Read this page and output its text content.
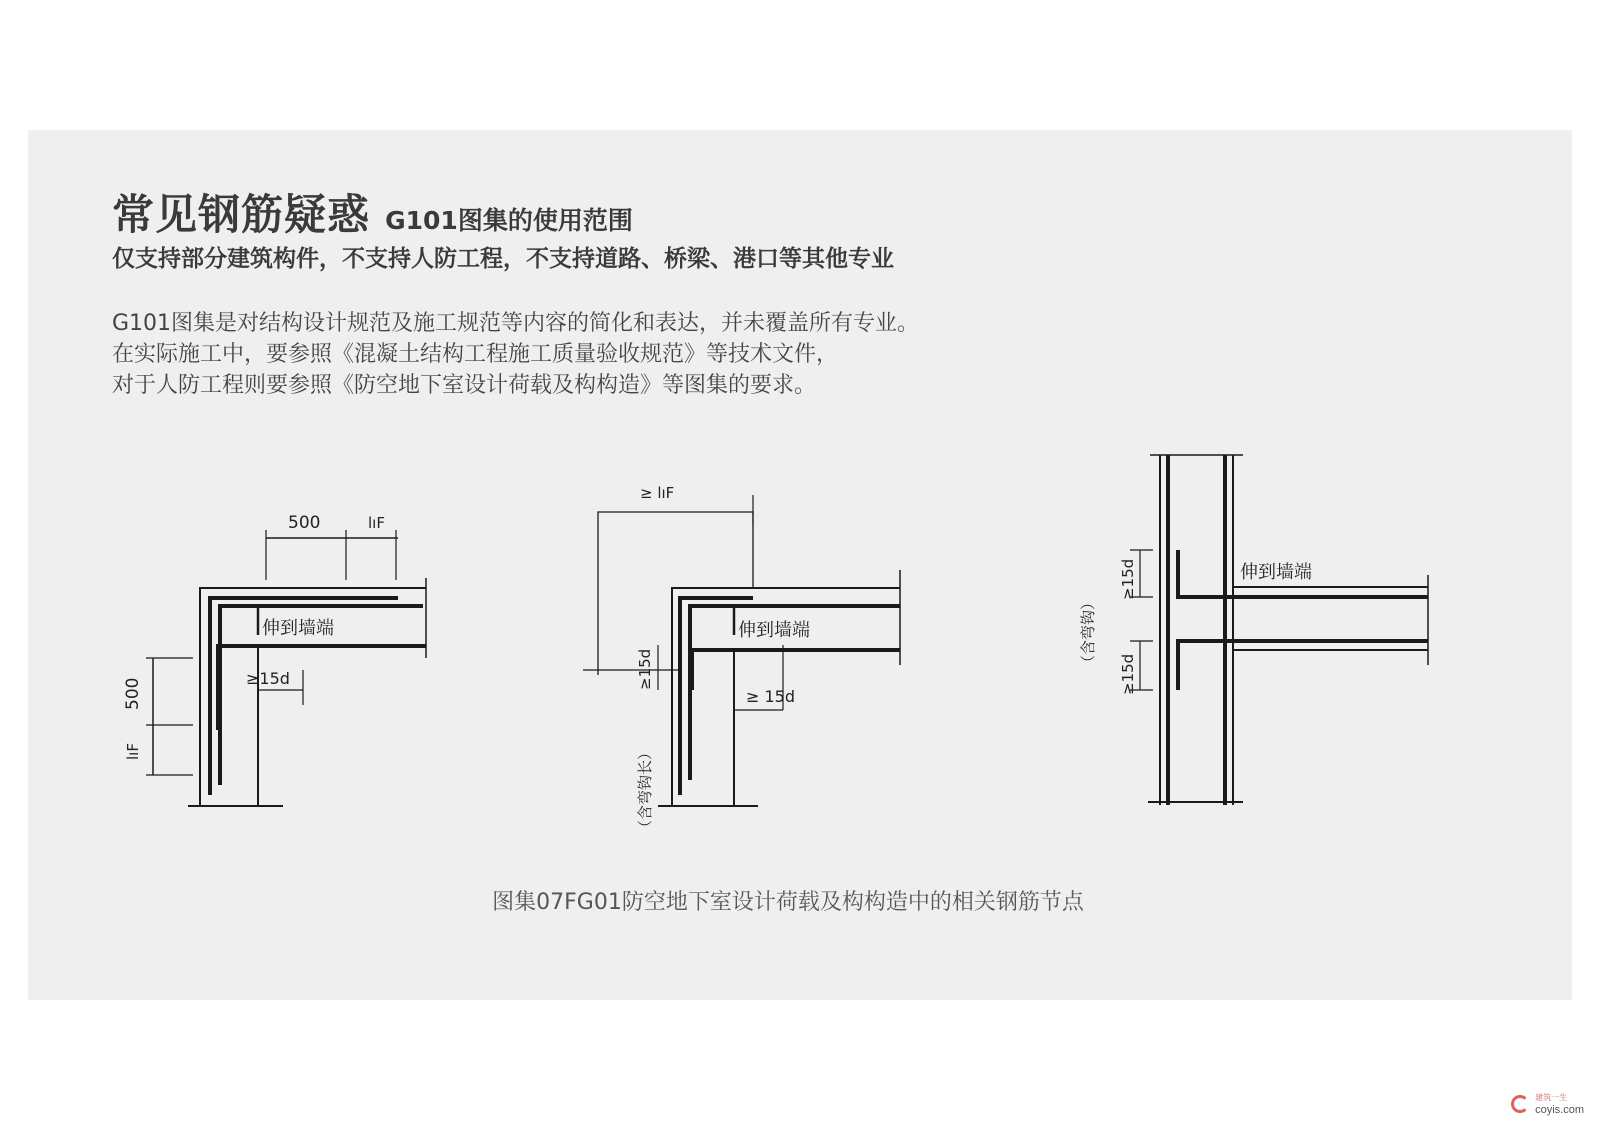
常见钢筋疑惑 G101图集的使用范围
仅支持部分建筑构件，不支持人防工程，不支持道路、桥梁、港口等其他专业
G101图集是对结构设计规范及施工规范等内容的简化和表达，并未覆盖所有专业。
在实际施工中，要参照《混凝土结构工程施工质量验收规范》等技术文件，
对于人防工程则要参照《防空地下室设计荷载及构构造》等图集的要求。
500	lıF
伸到墙端
≥15d
500
lıF
≥ lıF
伸到墙端
≥ 15d
≥15d
（含弯钩长）
伸到墙端
≥15d
≥15d
（含弯钩）
图集07FG01防空地下室设计荷载及构构造中的相关钢筋节点
建筑一生
coyis.com
